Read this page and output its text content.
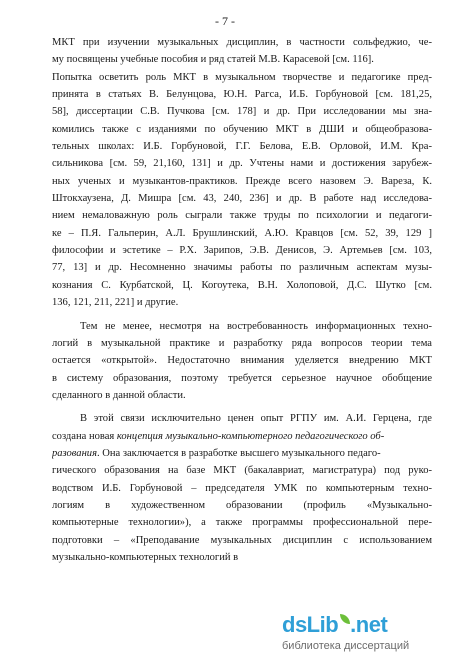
- 7 -
МКТ при изучении музыкальных дисциплин, в частности сольфеджио, че-
му посвящены учебные пособия и ряд статей М.В. Карасевой [см. 116].
Попытка осветить роль МКТ в музыкальном творчестве и педагогике пред-
принята в статьях В. Белунцова, Ю.Н. Рагса, И.Б. Горбуновой [см. 181,25,
58], диссертации С.В. Пучкова [см. 178] и др. При исследовании мы зна-
комились также с изданиями по обучению МКТ в ДШИ и общеобразова-
тельных школах: И.Б. Горбуновой, Г.Г. Белова, Е.В. Орловой, И.М. Кра-
сильникова [см. 59, 21,160, 131] и др. Учтены нами и достижения зарубеж-
ных ученых и музыкантов-практиков. Прежде всего назовем Э. Вареза, К.
Штокхаузена, Д. Мишра [см. 43, 240, 236] и др. В работе над исследова-
нием немаловажную роль сыграли также труды по психологии и педагоги-
ке – П.Я. Гальперин, А.Л. Брушлинский, А.Ю. Кравцов [см. 52, 39, 129 ]
философии и эстетике – Р.Х. Зарипов, Э.В. Денисов, Э. Артемьев [см. 103,
77, 13] и др. Несомненно значимы работы по различным аспектам музы-
кознания С. Курбатской, Ц. Когоутека, В.Н. Холоповой, Д.С. Шутко [см.
136, 121, 211, 221] и другие.
Тем не менее, несмотря на востребованность информационных техно-
логий в музыкальной практике и разработку ряда вопросов теории тема
остается «открытой». Недостаточно внимания уделяется внедрению МКТ
в систему образования, поэтому требуется серьезное научное обобщение
сделанного в данной области.
В этой связи исключительно ценен опыт РГПУ им. А.И. Герцена, где
создана новая концепция музыкально-компьютерного педагогического об-
разования. Она заключается в разработке высшего музыкального педаго-
гического образования на базе МКТ (бакалавриат, магистратура) под руко-
водством И.Б. Горбуновой – председателя УМК по компьютерным техно-
логиям в художественном образовании (профиль «Музыкально-
компьютерные технологии»), а также программы профессиональной пере-
подготовки – «Преподавание музыкальных дисциплин с использованием
музыкально-компьютерных технологий в
dsLib .net
библиотека диссертаций
